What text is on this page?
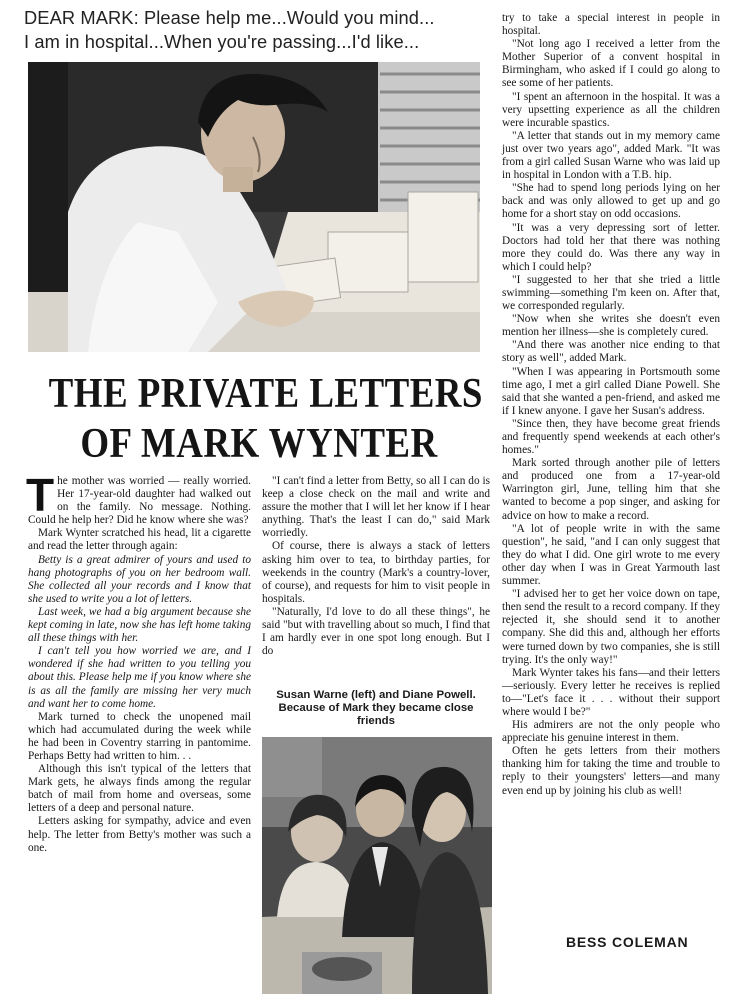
DEAR MARK: Please help me...Would you mind...
I am in hospital...When you're passing...I'd like...
THE PRIVATE LETTERS
OF MARK WYNTER

The mother was worried — really worried. Her 17-year-old daughter had walked out on the family. No message. Nothing. Could he help her? Did he know where she was?

Mark Wynter scratched his head, lit a cigarette and read the letter through again:

Betty is a great admirer of yours and used to hang photographs of you on her bedroom wall. She collected all your records and I know that she used to write you a lot of letters.

Last week, we had a big argument because she kept coming in late, now she has left home taking all these things with her.

I can't tell you how worried we are, and I wondered if she had written to you telling you about this. Please help me if you know where she is as all the family are missing her very much and want her to come home.

Mark turned to check the unopened mail which had accumulated during the week while he had been in Coventry starring in pantomime. Perhaps Betty had written to him. . .

Although this isn't typical of the letters that Mark gets, he always finds among the regular batch of mail from home and overseas, some letters of a deep and personal nature.

Letters asking for sympathy, advice and even help. The letter from Betty's mother was such a one.

"I can't find a letter from Betty, so all I can do is keep a close check on the mail and write and assure the mother that I will let her know if I hear anything. That's the least I can do," said Mark worriedly.

Of course, there is always a stack of letters asking him over to tea, to birthday parties, for weekends in the country (Mark's a country-lover, of course), and requests for him to visit people in hospitals.

"Naturally, I'd love to do all these things", he said "but with travelling about so much, I find that I am hardly ever in one spot long enough. But I do

Susan Warne (left) and Diane Powell. Because of Mark they became close friends

try to take a special interest in people in hospital.

"Not long ago I received a letter from the Mother Superior of a convent hospital in Birmingham, who asked if I could go along to see some of her patients.

"I spent an afternoon in the hospital. It was a very upsetting experience as all the children were incurable spastics.

"A letter that stands out in my memory came just over two years ago", added Mark. "It was from a girl called Susan Warne who was laid up in hospital in London with a T.B. hip.

"She had to spend long periods lying on her back and was only allowed to get up and go home for a short stay on odd occasions.

"It was a very depressing sort of letter. Doctors had told her that there was nothing more they could do. Was there any way in which I could help?

"I suggested to her that she tried a little swimming—something I'm keen on. After that, we corresponded regularly.

"Now when she writes she doesn't even mention her illness—she is completely cured.

"And there was another nice ending to that story as well", added Mark.

"When I was appearing in Portsmouth some time ago, I met a girl called Diane Powell. She said that she wanted a pen-friend, and asked me if I knew anyone. I gave her Susan's address.

"Since then, they have become great friends and frequently spend weekends at each other's homes."

Mark sorted through another pile of letters and produced one from a 17-year-old Warrington girl, June, telling him that she wanted to become a pop singer, and asking for advice on how to make a record.

"A lot of people write in with the same question", he said, "and I can only suggest that they do what I did. One girl wrote to me every other day when I was in Great Yarmouth last summer.

"I advised her to get her voice down on tape, then send the result to a record company. If they rejected it, she should send it to another company. She did this and, although her efforts were turned down by two companies, she is still trying. It's the only way!"

Mark Wynter takes his fans—and their letters—seriously. Every letter he receives is replied to—"Let's face it . . . without their support where would I be?"

His admirers are not the only people who appreciate his genuine interest in them.

Often he gets letters from their mothers thanking him for taking the time and trouble to reply to their youngsters' letters—and many even end up by joining his club as well!

BESS COLEMAN
